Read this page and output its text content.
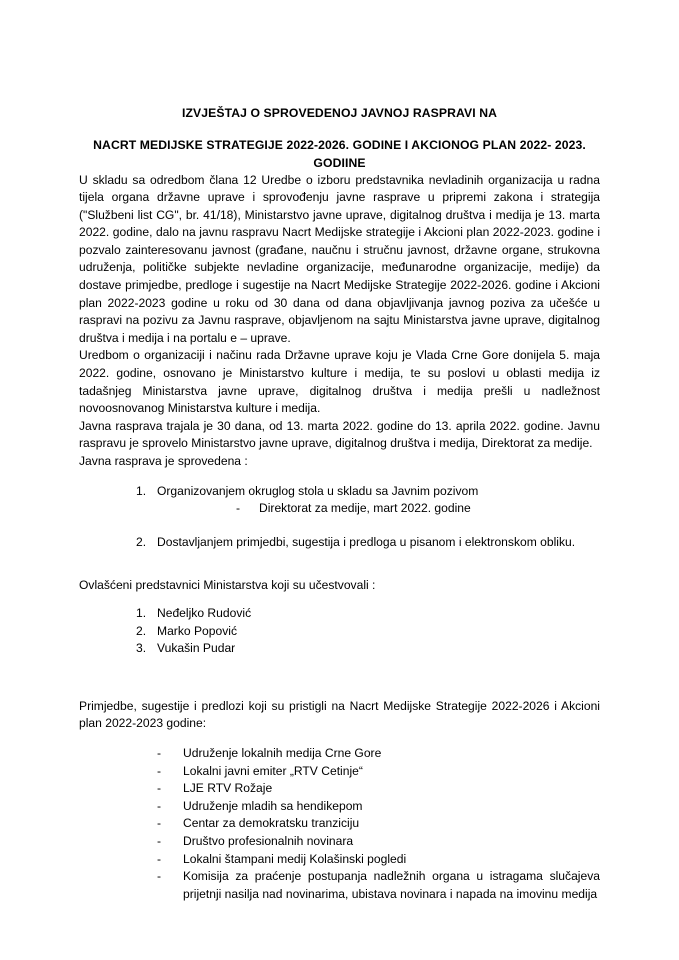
IZVJEŠTAJ O SPROVEDENOJ JAVNOJ RASPRAVI NA
NACRT MEDIJSKE STRATEGIJE 2022-2026. GODINE I AKCIONOG PLAN 2022- 2023. GODIINE

U skladu sa odredbom člana 12 Uredbe o izboru predstavnika nevladinih organizacija u radna tijela organa državne uprave i sprovođenju javne rasprave u pripremi zakona i strategija ("Službeni list CG", br. 41/18), Ministarstvo javne uprave, digitalnog društva i medija je 13. marta 2022. godine, dalo na javnu raspravu Nacrt Medijske strategije i Akcioni plan 2022-2023. godine i pozvalo zainteresovanu javnost (građane, naučnu i stručnu javnost, državne organe, strukovna udruženja, političke subjekte nevladine organizacije, međunarodne organizacije, medije) da dostave primjedbe, predloge i sugestije na Nacrt Medijske Strategije 2022-2026. godine i Akcioni plan 2022-2023 godine u roku od 30 dana od dana objavljivanja javnog poziva za učešće u raspravi na pozivu za Javnu rasprave, objavljenom na sajtu Ministarstva javne uprave, digitalnog društva i medija i na portalu e – uprave.

Uredbom o organizaciji i načinu rada Državne uprave koju je Vlada Crne Gore donijela 5. maja 2022. godine, osnovano je Ministarstvo kulture i medija, te su poslovi u oblasti medija iz tadašnjeg Ministarstva javne uprave, digitalnog društva i medija prešli u nadležnost novoosnovanog Ministarstva kulture i medija.

Javna rasprava trajala je 30 dana, od 13. marta 2022. godine do 13. aprila 2022. godine. Javnu raspravu je sprovelo Ministarstvo javne uprave, digitalnog društva i medija, Direktorat za medije.

Javna rasprava je sprovedena :

1. Organizovanjem okruglog stola u skladu sa Javnim pozivom
- Direktorat za medije, mart 2022. godine
2. Dostavljanjem primjedbi, sugestija i predloga u pisanom i elektronskom obliku.

Ovlašćeni predstavnici Ministarstva koji su učestvovali :

1. Neđeljko Rudović
2. Marko Popović
3. Vukašin Pudar

Primjedbe, sugestije i predlozi koji su pristigli na Nacrt Medijske Strategije 2022-2026 i Akcioni plan 2022-2023 godine:

- Udruženje lokalnih medija Crne Gore
- Lokalni javni emiter „RTV Cetinje“
- LJE RTV Rožaje
- Udruženje mladih sa hendikepom
- Centar za demokratsku tranziciju
- Društvo profesionalnih novinara
- Lokalni štampani medij Kolašinski pogledi
- Komisija za praćenje postupanja nadležnih organa u istragama slučajeva prijetnji nasilja nad novinarima, ubistava novinara i napada na imovinu medija
